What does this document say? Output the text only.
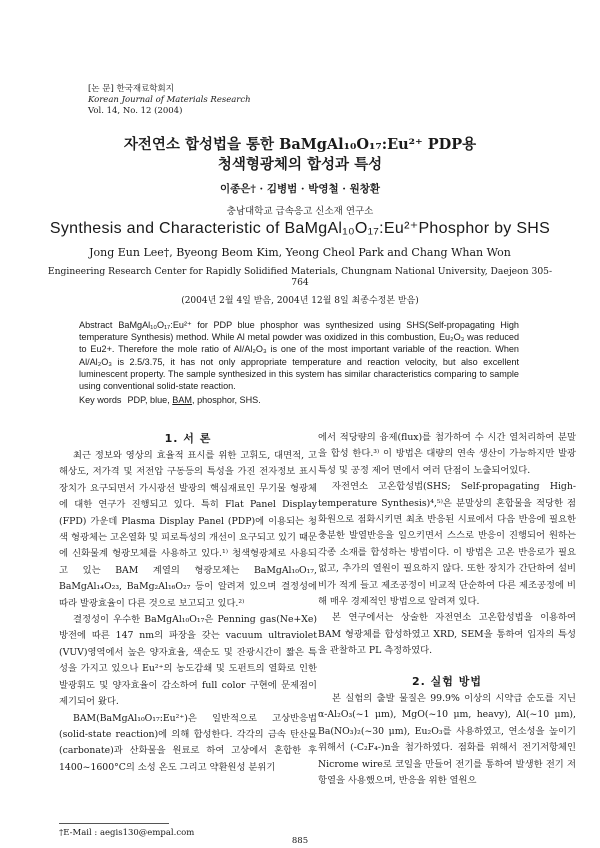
[논 문] 한국재료학회지
Korean Journal of Materials Research
Vol. 14, No. 12 (2004)
자전연소 합성법을 통한 BaMgAl₁₀O₁₇:Eu²⁺ PDP용
청색형광체의 합성과 특성
이종은† · 김병범 · 박영철 · 원창환
충남대학교 급속응고 신소재 연구소
Synthesis and Characteristic of BaMgAl₁₀O₁₇:Eu²⁺Phosphor by SHS
Jong Eun Lee†, Byeong Beom Kim, Yeong Cheol Park and Chang Whan Won
Engineering Research Center for Rapidly Solidified Materials, Chungnam National University, Daejeon 305-764
(2004년 2월 4일 받음, 2004년 12월 8일 최종수정본 받음)
Abstract BaMgAl₁₀O₁₇:Eu²⁺ for PDP blue phosphor was synthesized using SHS(Self-propagating High temperature Synthesis) method. While Al metal powder was oxidized in this combustion, Eu₂O₃ was reduced to Eu2+. Therefore the mole ratio of Al/Al₂O₃ is one of the most important variable of the reaction. When Al/Al₂O₃ is 2.5/3.75, it has not only appropriate temperature and reaction velocity, but also excellent luminescent property. The sample synthesized in this system has similar characteristics comparing to sample using conventional solid-state reaction.
Key words PDP, blue, BAM, phosphor, SHS.
1. 서 론

최근 정보와 영상의 효율적 표시를 위한 고휘도, 대면적, 고해상도, 저가격 및 저전압 구동등의 특성을 가진 전자정보 표시장치가 요구되면서 가시광선 발광의 핵심재료인 무기물 형광체에 대한 연구가 진행되고 있다. 특히 Flat Panel Display (FPD) 가운데 Plasma Display Panel (PDP)에 이용되는 청색 형광체는 고온열화 및 피로특성의 개선이 요구되고 있기 때문에 신화물계 형광모체를 사용하고 있다.¹⁾ 청색형광체로 사용되고 있는 BAM 계열의 형광모체는 BaMgAl₁₀O₁₇, BaMgAl₁₄O₂₃, BaMg₂Al₁₆O₂₇ 등이 알려져 있으며 결정성에 따라 발광효율이 다른 것으로 보고되고 있다.²⁾

결정성이 우수한 BaMgAl₁₀O₁₇은 Penning gas(Ne+Xe) 방전에 따른 147 nm의 파장을 갖는 vacuum ultraviolet (VUV)영역에서 높은 양자효율, 색순도 및 잔광시간이 짧은 특성을 가지고 있으나 Eu²⁺의 농도감쇄 및 도펀트의 열화로 인한 발광휘도 및 양자효율이 감소하여 full color 구현에 문제점이 제기되어 왔다.

BAM(BaMgAl₁₀O₁₇:Eu²⁺)은 일반적으로 고상반응법(solid-state reaction)에 의해 합성한다. 각각의 금속 탄산물(carbonate)과 산화물을 원료로 하여 고상에서 혼합한 후 1400~1600°C의 소성 온도 그리고 약환원성 분위기

에서 적당량의 융제(flux)를 첨가하여 수 시간 열처리하여 분말을 합성 한다.³⁾ 이 방법은 대량의 연속 생산이 가능하지만 발광특성 및 공정 제어 면에서 여러 단점이 노출되어있다.

자전연소 고온합성법(SHS; Self-propagating High-temperature Synthesis)⁴,⁵⁾은 분말상의 혼합물을 적당한 점화원으로 점화시키면 최초 반응된 시료에서 다음 반응에 필요한 충분한 발열반응을 일으키면서 스스로 반응이 진행되어 원하는 각종 소재를 합성하는 방법이다. 이 방법은 고온 반응로가 필요 없고, 추가의 열원이 필요하지 않다. 또한 장치가 간단하여 설비비가 적게 들고 제조공정이 비교적 단순하여 다른 제조공정에 비해 매우 경제적인 방법으로 알려져 있다.

본 연구에서는 상술한 자전연소 고온합성법을 이용하여 BAM 형광체를 합성하였고 XRD, SEM을 통하여 입자의 특성을 관찰하고 PL 측정하였다.

2. 실험 방법

본 실험의 출발 물질은 99.9% 이상의 시약급 순도를 지닌 α-Al₂O₃(~1 μm), MgO(~10 μm, heavy), Al(~10 μm), Ba(NO₃)₂(~30 μm), Eu₂O₃를 사용하였고, 연소성을 높이기 위해서 (-C₂F₄-)n을 첨가하였다. 점화를 위해서 전기저항체인 Nicrome wire로 코일을 만들어 전기를 통하여 발생한 전기 저항열을 사용했으며, 반응을 위한 열원으

†E-Mail : aegis130@empal.com
885
